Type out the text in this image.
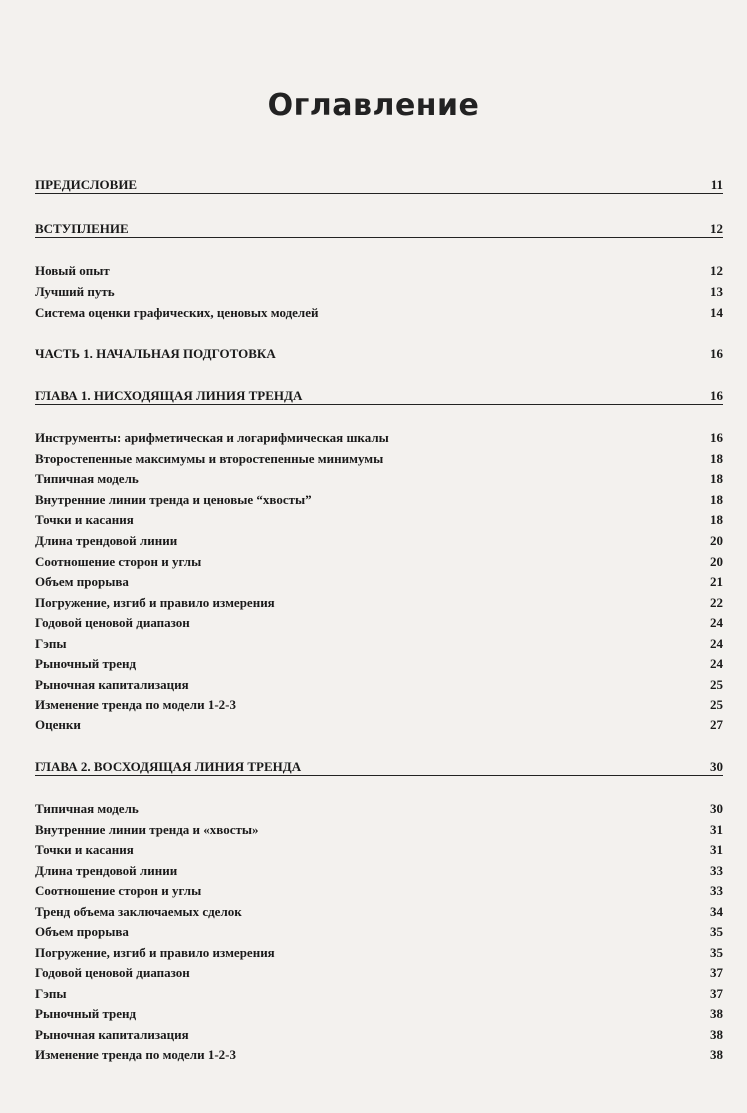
Оглавление
ПРЕДИСЛОВИЕ	11
ВСТУПЛЕНИЕ	12
Новый опыт	12
Лучший путь	13
Система оценки графических, ценовых моделей	14
ЧАСТЬ 1. НАЧАЛЬНАЯ ПОДГОТОВКА	16
ГЛАВА 1. НИСХОДЯЩАЯ ЛИНИЯ ТРЕНДА	16
Инструменты: арифметическая и логарифмическая шкалы	16
Второстепенные максимумы и второстепенные минимумы	18
Типичная модель	18
Внутренние линии тренда и ценовые “хвосты”	18
Точки и касания	18
Длина трендовой линии	20
Соотношение сторон и углы	20
Объем прорыва	21
Погружение, изгиб и правило измерения	22
Годовой ценовой диапазон	24
Гэпы	24
Рыночный тренд	24
Рыночная капитализация	25
Изменение тренда по модели 1-2-3	25
Оценки	27
ГЛАВА 2. ВОСХОДЯЩАЯ ЛИНИЯ ТРЕНДА	30
Типичная модель	30
Внутренние линии тренда и «хвосты»	31
Точки и касания	31
Длина трендовой линии	33
Соотношение сторон и углы	33
Тренд объема заключаемых сделок	34
Объем прорыва	35
Погружение, изгиб и правило измерения	35
Годовой ценовой диапазон	37
Гэпы	37
Рыночный тренд	38
Рыночная капитализация	38
Изменение тренда по модели 1-2-3	38
